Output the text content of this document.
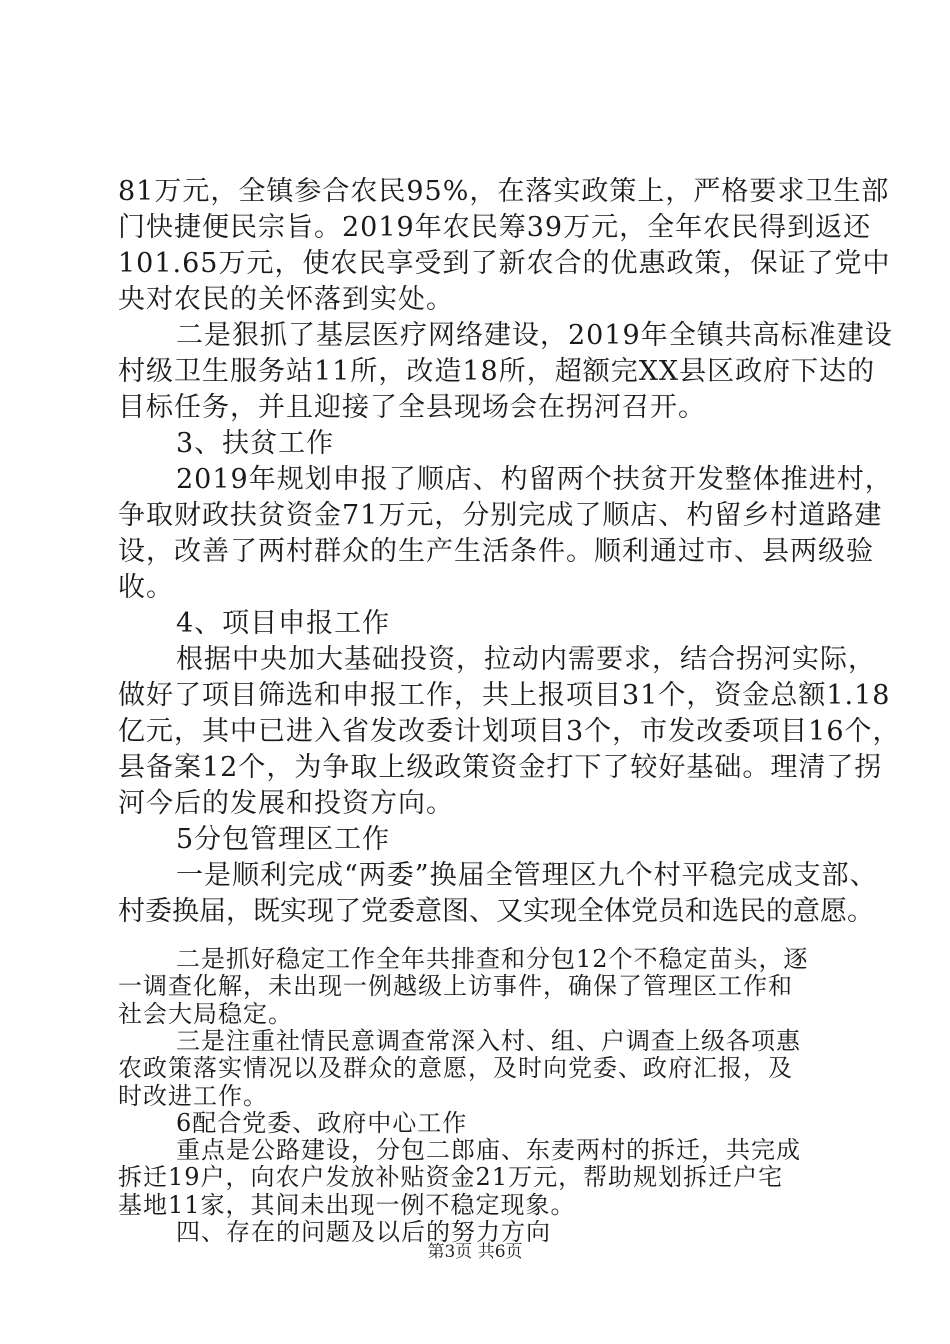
81万元，全镇参合农民95%，在落实政策上，严格要求卫生部
门快捷便民宗旨。2019年农民筹39万元，全年农民得到返还
101.65万元，使农民享受到了新农合的优惠政策，保证了党中
央对农民的关怀落到实处。
二是狠抓了基层医疗网络建设，2019年全镇共高标准建设
村级卫生服务站11所，改造18所，超额完XX县区政府下达的
目标任务，并且迎接了全县现场会在拐河召开。
3、扶贫工作
2019年规划申报了顺店、杓留两个扶贫开发整体推进村，
争取财政扶贫资金71万元，分别完成了顺店、杓留乡村道路建
设，改善了两村群众的生产生活条件。顺利通过市、县两级验
收。
4、项目申报工作
根据中央加大基础投资，拉动内需要求，结合拐河实际，
做好了项目筛选和申报工作，共上报项目31个，资金总额1.18
亿元，其中已进入省发改委计划项目3个，市发改委项目16个，
县备案12个，为争取上级政策资金打下了较好基础。理清了拐
河今后的发展和投资方向。
5分包管理区工作
一是顺利完成“两委”换届全管理区九个村平稳完成支部、
村委换届，既实现了党委意图、又实现全体党员和选民的意愿。
二是抓好稳定工作全年共排查和分包12个不稳定苗头，逐
一调查化解，未出现一例越级上访事件，确保了管理区工作和
社会大局稳定。
三是注重社情民意调查常深入村、组、户调查上级各项惠
农政策落实情况以及群众的意愿，及时向党委、政府汇报，及
时改进工作。
6配合党委、政府中心工作
重点是公路建设，分包二郎庙、东麦两村的拆迁，共完成
拆迁19户，向农户发放补贴资金21万元，帮助规划拆迁户宅
基地11家，其间未出现一例不稳定现象。
四、存在的问题及以后的努力方向
第3页 共6页
